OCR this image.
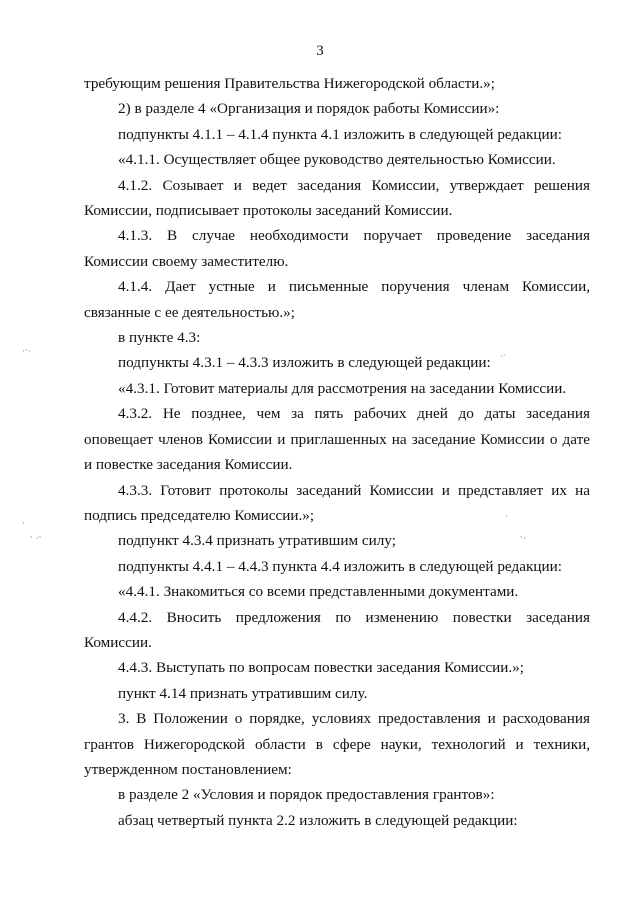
3

требующим решения Правительства Нижегородской области.»;

2) в разделе 4 «Организация и порядок работы Комиссии»:

подпункты 4.1.1 – 4.1.4 пункта 4.1 изложить в следующей редакции:

«4.1.1. Осуществляет общее руководство деятельностью Комиссии.

4.1.2. Созывает и ведет заседания Комиссии, утверждает решения Комиссии, подписывает протоколы заседаний Комиссии.

4.1.3. В случае необходимости поручает проведение заседания Комиссии своему заместителю.

4.1.4. Дает устные и письменные поручения членам Комиссии, связанные с ее деятельностью.»;

в пункте 4.3:

подпункты 4.3.1 – 4.3.3 изложить в следующей редакции:

«4.3.1. Готовит материалы для рассмотрения на заседании Комиссии.

4.3.2. Не позднее, чем за пять рабочих дней до даты заседания оповещает членов Комиссии и приглашенных на заседание Комиссии о дате и повестке заседания Комиссии.

4.3.3. Готовит протоколы заседаний Комиссии и представляет их на подпись председателю Комиссии.»;

подпункт 4.3.4 признать утратившим силу;

подпункты 4.4.1 – 4.4.3 пункта 4.4 изложить в следующей редакции:

«4.4.1. Знакомиться со всеми представленными документами.

4.4.2. Вносить предложения по изменению повестки заседания Комиссии.

4.4.3. Выступать по вопросам повестки заседания Комиссии.»;

пункт 4.14 признать утратившим силу.

3. В Положении о порядке, условиях предоставления и расходования грантов Нижегородской области в сфере науки, технологий и техники, утвержденном постановлением:

в разделе 2 «Условия и порядок предоставления грантов»:

абзац четвертый пункта 2.2 изложить в следующей редакции:

·ˑ·	·ˑ
·
ˑ ·ˑ
·
ˑ·
